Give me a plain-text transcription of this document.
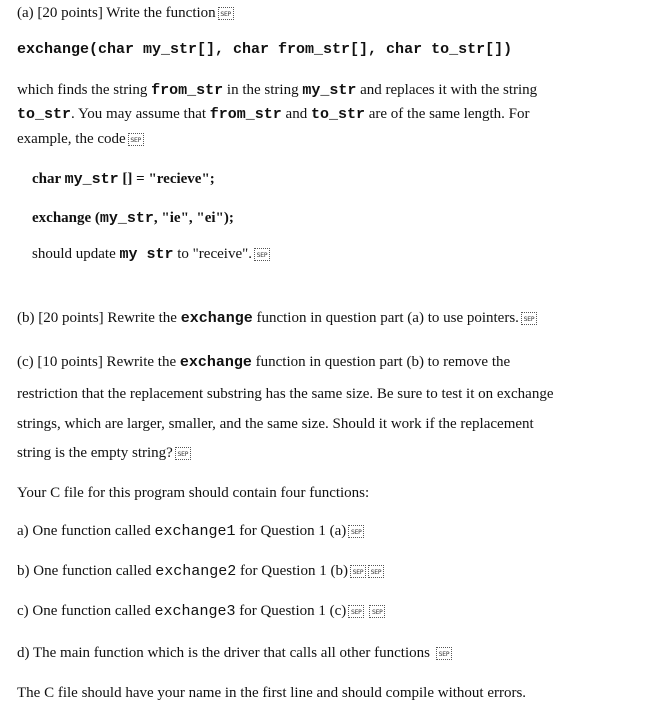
(a) [20 points] Write the function SEP
exchange(char my_str[], char from_str[], char to_str[])
which finds the string from_str in the string my_str and replaces it with the string
to_str. You may assume that from_str and to_str are of the same length. For
example, the code SEP
char my_str [] = "recieve";
exchange (my_str, "ie", "ei");
should update my str to "receive". SEP
(b) [20 points] Rewrite the exchange function in question part (a) to use pointers. SEP
(c) [10 points] Rewrite the exchange function in question part (b) to remove the
restriction that the replacement substring has the same size. Be sure to test it on exchange
strings, which are larger, smaller, and the same size. Should it work if the replacement
string is the empty string? SEP
Your C file for this program should contain four functions:
a) One function called exchange1 for Question 1 (a) SEP
b) One function called exchange2 for Question 1 (b) SEP SEP
c) One function called exchange3 for Question 1 (c) SEP SEP
d) The main function which is the driver that calls all other functions SEP
The C file should have your name in the first line and should compile without errors.
